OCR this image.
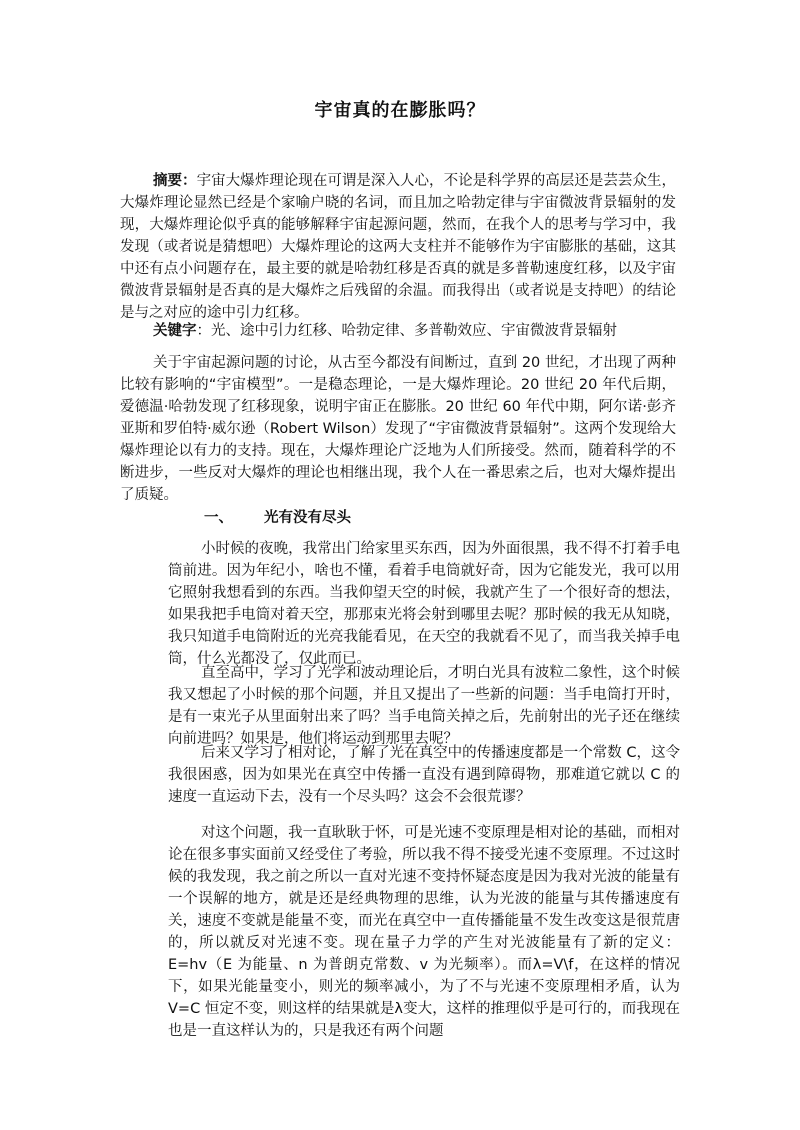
宇宙真的在膨胀吗？

摘要：宇宙大爆炸理论现在可谓是深入人心，不论是科学界的高层还是芸芸众生，大爆炸理论显然已经是个家喻户晓的名词，而且加之哈勃定律与宇宙微波背景辐射的发现，大爆炸理论似乎真的能够解释宇宙起源问题，然而，在我个人的思考与学习中，我发现（或者说是猜想吧）大爆炸理论的这两大支柱并不能够作为宇宙膨胀的基础，这其中还有点小问题存在，最主要的就是哈勃红移是否真的就是多普勒速度红移，以及宇宙微波背景辐射是否真的是大爆炸之后残留的余温。而我得出（或者说是支持吧）的结论是与之对应的途中引力红移。

关键字：光、途中引力红移、哈勃定律、多普勒效应、宇宙微波背景辐射

关于宇宙起源问题的讨论，从古至今都没有间断过，直到 20 世纪，才出现了两种比较有影响的“宇宙模型”。一是稳态理论，一是大爆炸理论。20 世纪 20 年代后期，爱德温·哈勃发现了红移现象，说明宇宙正在膨胀。20 世纪 60 年代中期，阿尔诺·彭齐亚斯和罗伯特·威尔逊（Robert Wilson）发现了“宇宙微波背景辐射”。这两个发现给大爆炸理论以有力的支持。现在，大爆炸理论广泛地为人们所接受。然而，随着科学的不断进步，一些反对大爆炸的理论也相继出现，我个人在一番思索之后，也对大爆炸提出了质疑。

一、 光有没有尽头

小时候的夜晚，我常出门给家里买东西，因为外面很黑，我不得不打着手电筒前进。因为年纪小，啥也不懂，看着手电筒就好奇，因为它能发光，我可以用它照射我想看到的东西。当我仰望天空的时候，我就产生了一个很好奇的想法，如果我把手电筒对着天空，那那束光将会射到哪里去呢？那时候的我无从知晓，我只知道手电筒附近的光亮我能看见，在天空的我就看不见了，而当我关掉手电筒，什么光都没了，仅此而已。

直至高中，学习了光学和波动理论后，才明白光具有波粒二象性，这个时候我又想起了小时候的那个问题，并且又提出了一些新的问题：当手电筒打开时，是有一束光子从里面射出来了吗？当手电筒关掉之后，先前射出的光子还在继续向前进吗？如果是，他们将运动到那里去呢？

后来又学习了相对论，了解了光在真空中的传播速度都是一个常数 C，这令我很困惑，因为如果光在真空中传播一直没有遇到障碍物，那难道它就以 C 的速度一直运动下去，没有一个尽头吗？这会不会很荒谬？

对这个问题，我一直耿耿于怀，可是光速不变原理是相对论的基础，而相对论在很多事实面前又经受住了考验，所以我不得不接受光速不变原理。不过这时候的我发现，我之前之所以一直对光速不变持怀疑态度是因为我对光波的能量有一个误解的地方，就是还是经典物理的思维，认为光波的能量与其传播速度有关，速度不变就是能量不变，而光在真空中一直传播能量不发生改变这是很荒唐的，所以就反对光速不变。现在量子力学的产生对光波能量有了新的定义：E=hv（E 为能量、n 为普朗克常数、v 为光频率）。而λ=V\f，在这样的情况下，如果光能量变小，则光的频率减小，为了不与光速不变原理相矛盾，认为 V=C 恒定不变，则这样的结果就是λ变大，这样的推理似乎是可行的，而我现在也是一直这样认为的，只是我还有两个问题
